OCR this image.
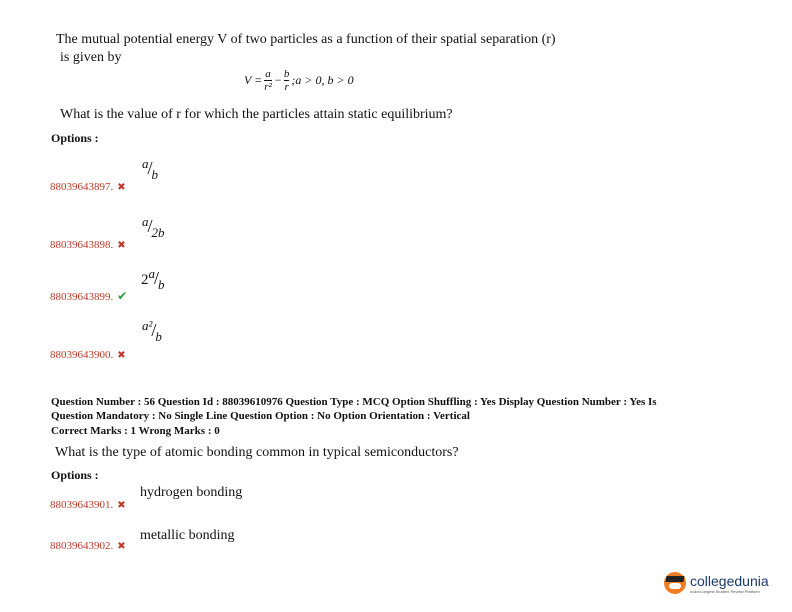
The mutual potential energy V of two particles as a function of their spatial separation (r)
is given by
$V = \frac{a}{\text{r²}} - \frac{b}{r}$ ;a > 0, b > 0
What is the value of r for which the particles attain static equilibrium?
Options :
88039643897. ✖
$^a/_b$
88039643898. ✖
$^a/_{2b}$
88039643899. ✔
$2^a/_b$
88039643900. ✖
$^{a^2}/_b$
Question Number : 56 Question Id : 88039610976 Question Type : MCQ Option Shuffling : Yes Display Question Number : Yes Is
Question Mandatory : No Single Line Question Option : No Option Orientation : Vertical
Correct Marks : 1 Wrong Marks : 0
What is the type of atomic bonding common in typical semiconductors?
Options :
88039643901. ✖
hydrogen bonding
88039643902. ✖
metallic bonding
collegedunia
India's largest Student Review Platform
